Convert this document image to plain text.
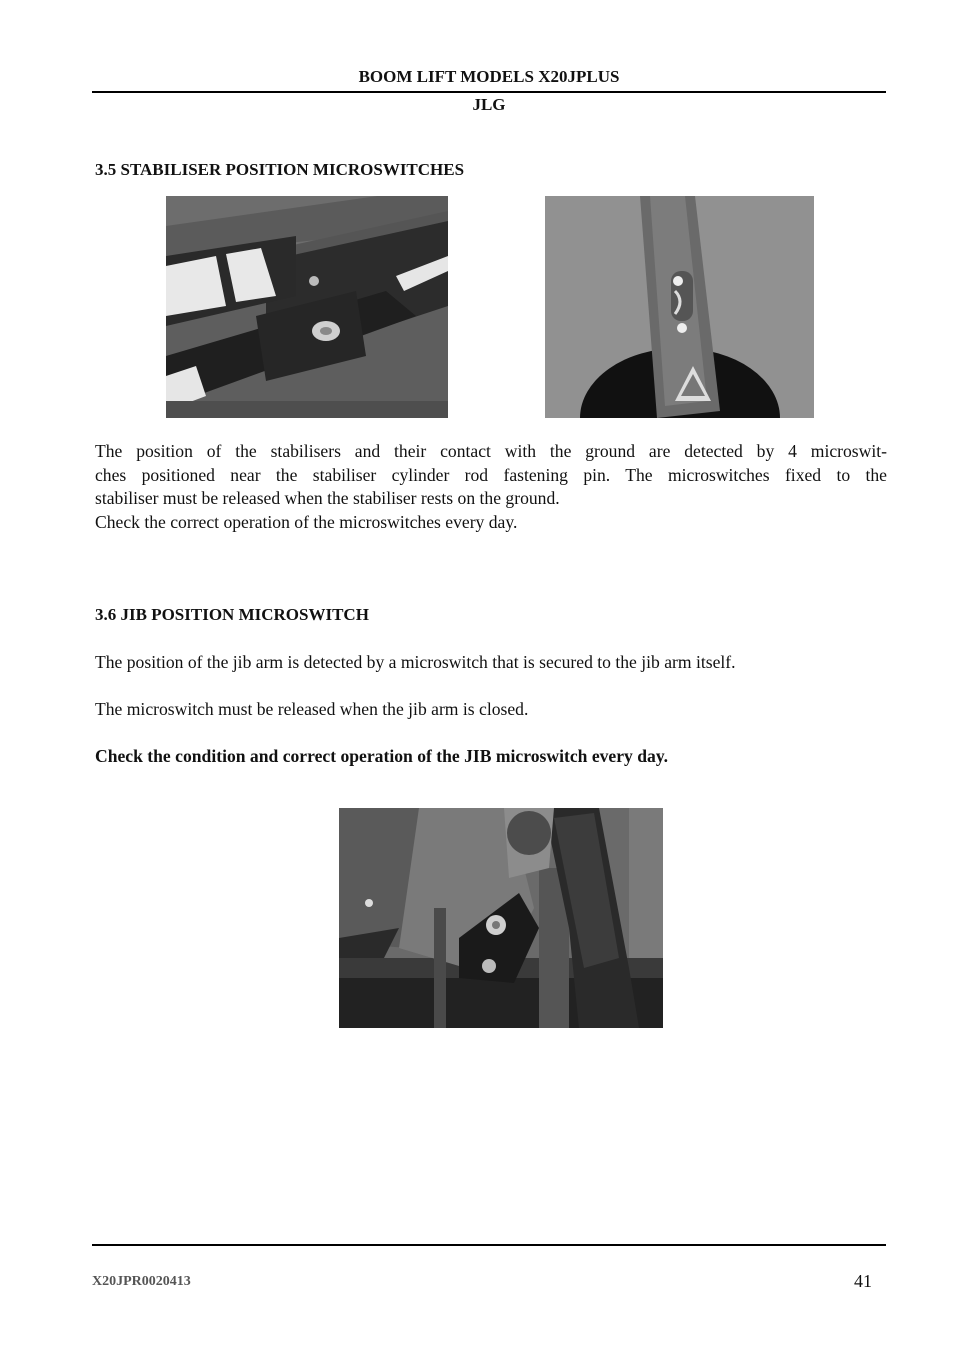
BOOM LIFT MODELS X20JPLUS
JLG
3.5 STABILISER POSITION MICROSWITCHES
The position of the stabilisers and their contact with the ground are detected by 4 microswit-
ches positioned near the stabiliser cylinder rod fastening pin. The microswitches fixed to the
stabiliser must be released when the stabiliser rests on the ground.
Check the correct operation of the microswitches every day.
3.6 JIB POSITION MICROSWITCH
The position of the jib arm is detected by a microswitch that is secured to the jib arm itself.
The microswitch must be released when the jib arm is closed.
Check the condition and correct operation of the JIB microswitch every day.
X20JPR0020413	41
